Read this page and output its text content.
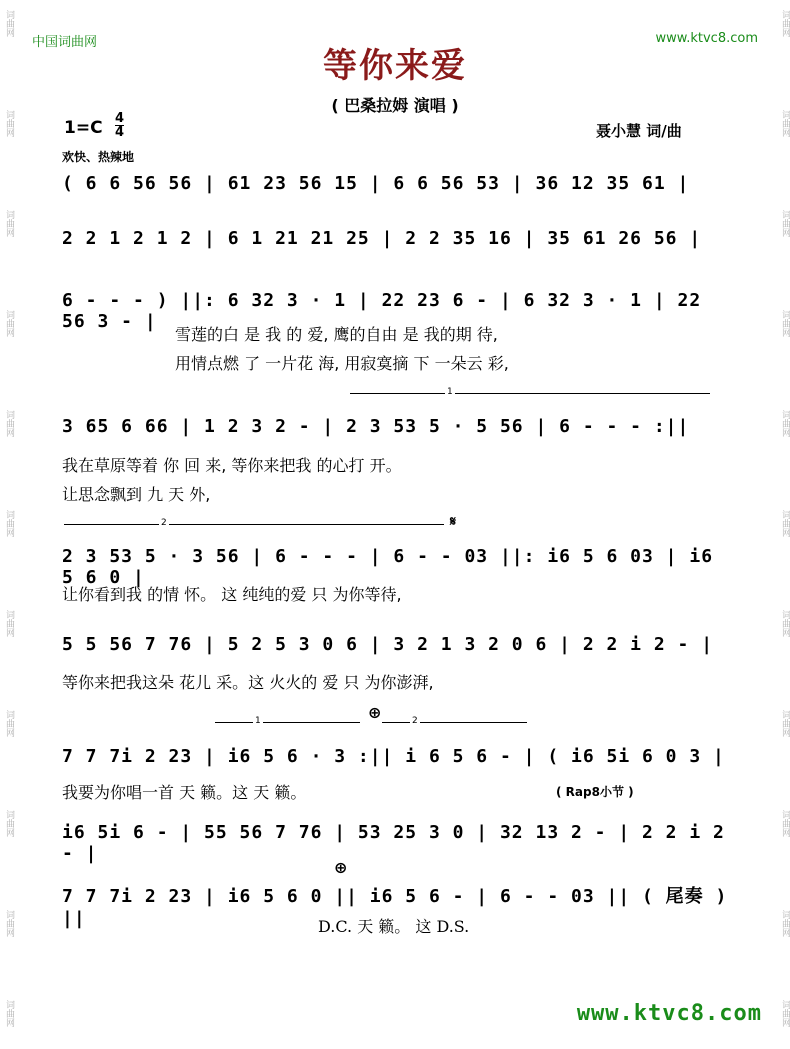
词曲网
词曲网
词曲网
词曲网
词曲网
词曲网
词曲网
词曲网
词曲网
词曲网
词曲网
词曲网
词曲网
词曲网
词曲网
词曲网
词曲网
词曲网
词曲网
词曲网
词曲网
词曲网
中国词曲网	www.ktvc8.com
等你来爱
( 巴桑拉姆 演唱 )
1=C 4
4	聂小慧 词/曲
欢快、热辣地
( 6 6 56 56 | 61 23 56 15 | 6 6 56 53 | 36 12 35 61 |
2 2 1 2 1 2 | 6 1 21 21 25 | 2 2 35 16 | 35 61 26 56 |
6 - - - ) ||: 6 32 3 · 1 | 22 23 6 - | 6 32 3 · 1 | 22 56 3 - |
雪莲的白 是 我 的 爱, 鹰的自由 是 我的期 待,
用情点燃 了 一片花 海, 用寂寞摘 下 一朵云 彩,
1
3 65 6 66 | 1 2 3 2 - | 2 3 53 5 · 5 56 | 6 - - - :||
我在草原等着 你 回 来, 等你来把我 的心打 开。
让思念飘到 九 天 外,
2	𝄋
2 3 53 5 · 3 56 | 6 - - - | 6 - - 03 ||: i6 5 6 03 | i6 5 6 0 |
让你看到我 的情 怀。 这 纯纯的爱 只 为你等待,
5 5 56 7 76 | 5 2 5 3 0 6 | 3 2 1 3 2 0 6 | 2 2 i 2 - |
等你来把我这朵 花儿 采。这 火火的 爱 只 为你澎湃,
1	⊕	2
7 7 7i 2 23 | i6 5 6 · 3 :|| i 6 5 6 - | ( i6 5i 6 0 3 |
我要为你唱一首 天 籁。这 天 籁。	( Rap8小节 )
i6 5i 6 - | 55 56 7 76 | 53 25 3 0 | 32 13 2 - | 2 2 i 2 - |
⊕
7 7 7i 2 23 | i6 5 6 0 || i6 5 6 - | 6 - - 03 || ( 尾奏 ) ||	D.C. 天 籁。 这 D.S.
www.ktvc8.com
